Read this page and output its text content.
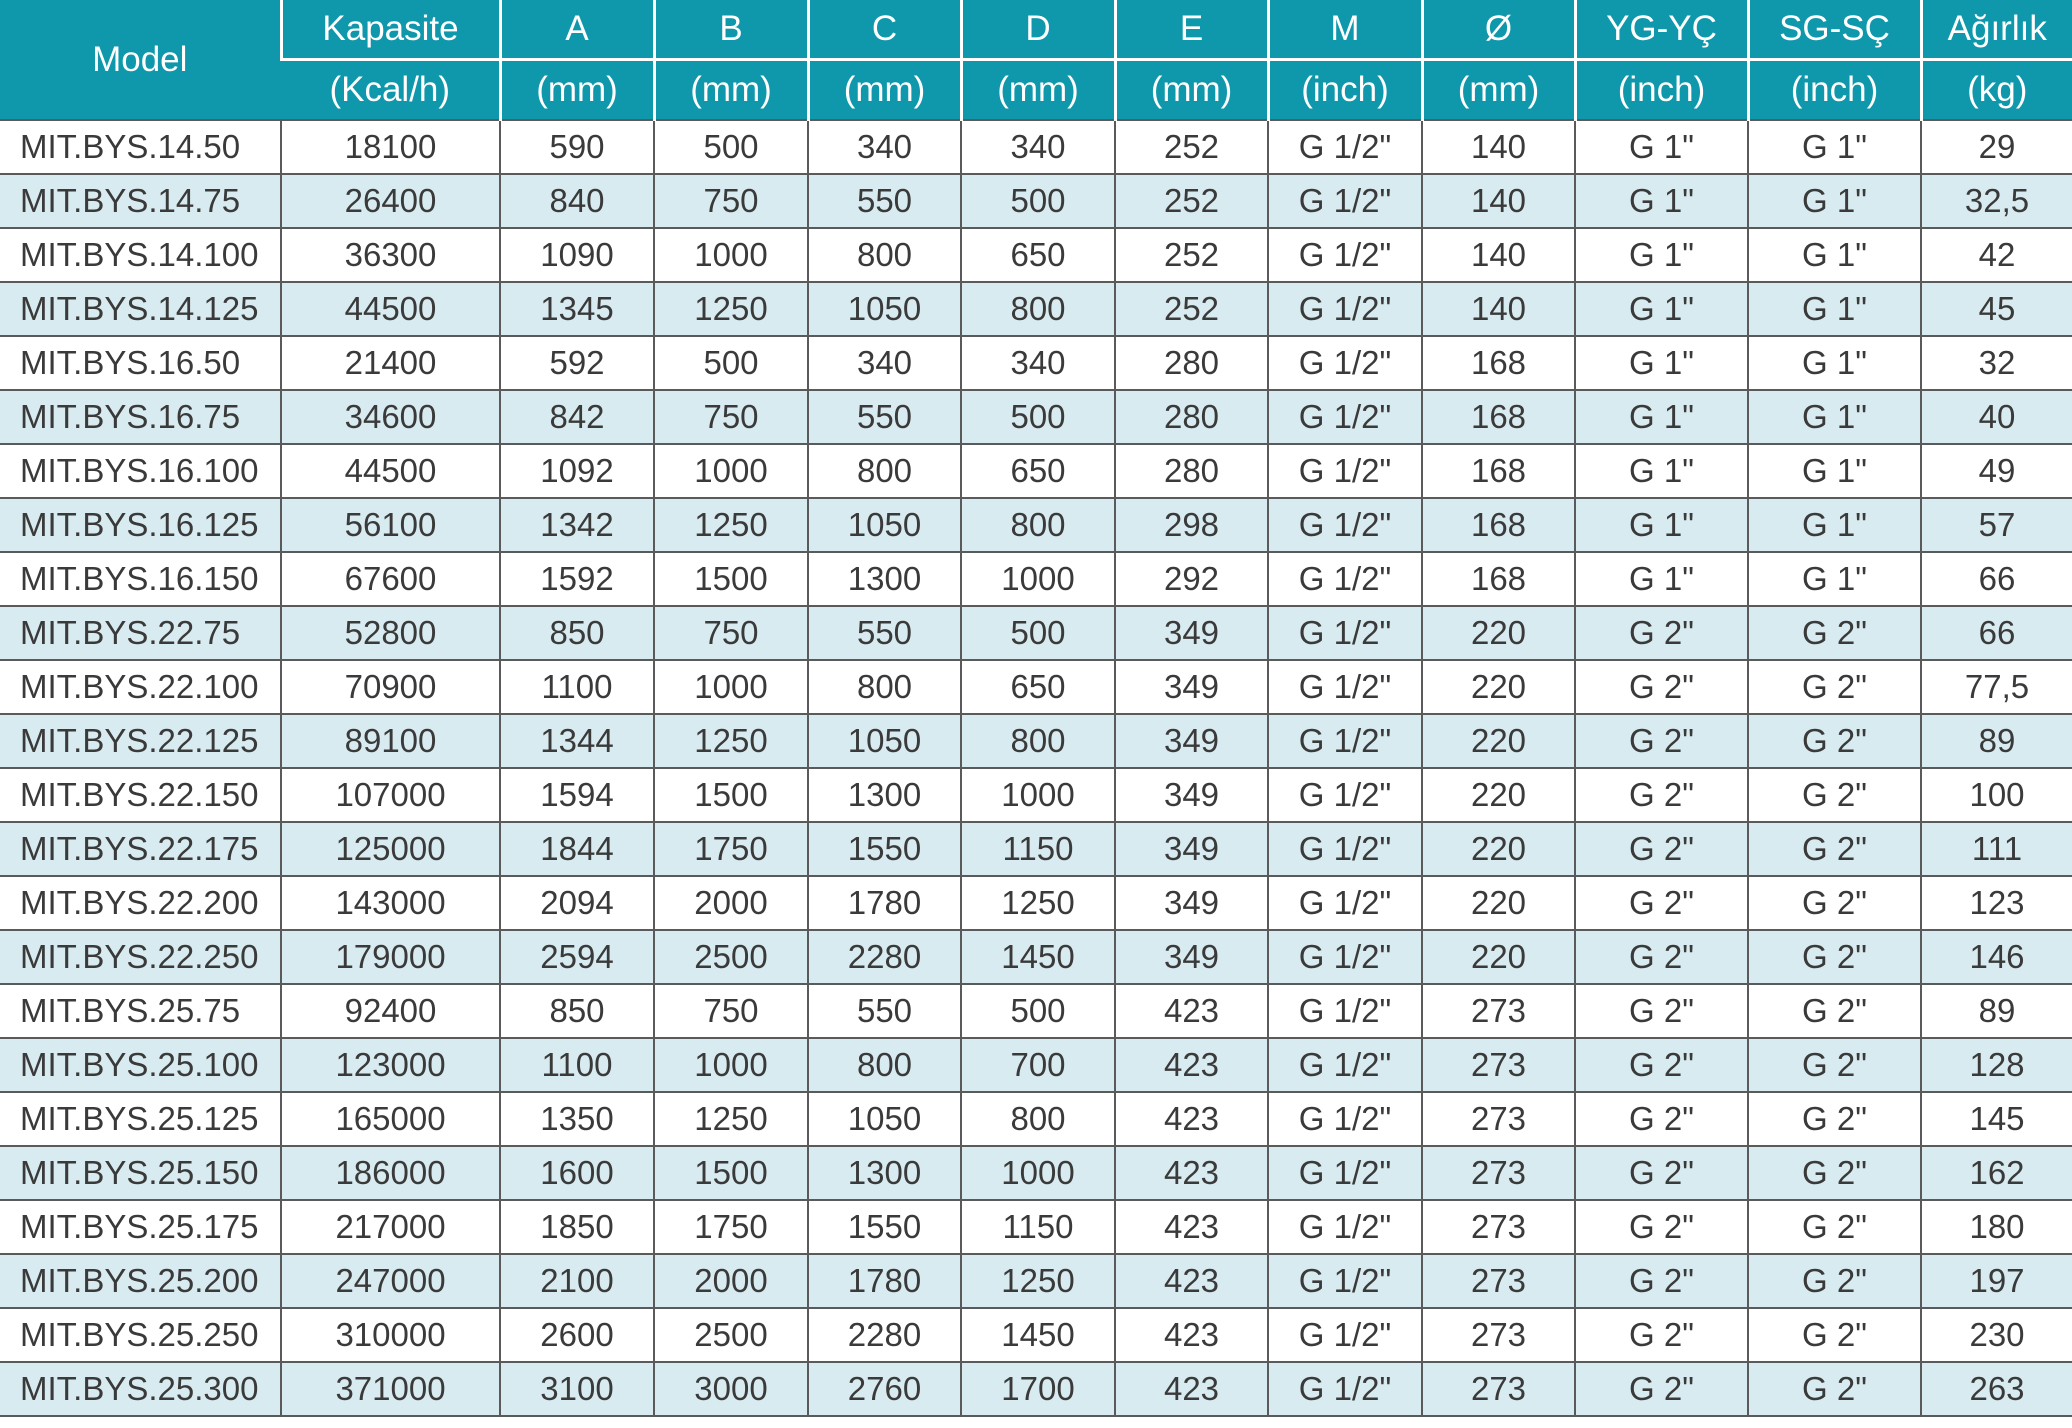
Model	Kapasite	A	B	C	D	E	M	Ø	YG-YÇ	SG-SÇ	Ağırlık
	(Kcal/h)	(mm)	(mm)	(mm)	(mm)	(mm)	(inch)	(mm)	(inch)	(inch)	(kg)
MIT.BYS.14.50	18100	590	500	340	340	252	G 1/2"	140	G 1"	G 1"	29
MIT.BYS.14.75	26400	840	750	550	500	252	G 1/2"	140	G 1"	G 1"	32,5
MIT.BYS.14.100	36300	1090	1000	800	650	252	G 1/2"	140	G 1"	G 1"	42
MIT.BYS.14.125	44500	1345	1250	1050	800	252	G 1/2"	140	G 1"	G 1"	45
MIT.BYS.16.50	21400	592	500	340	340	280	G 1/2"	168	G 1"	G 1"	32
MIT.BYS.16.75	34600	842	750	550	500	280	G 1/2"	168	G 1"	G 1"	40
MIT.BYS.16.100	44500	1092	1000	800	650	280	G 1/2"	168	G 1"	G 1"	49
MIT.BYS.16.125	56100	1342	1250	1050	800	298	G 1/2"	168	G 1"	G 1"	57
MIT.BYS.16.150	67600	1592	1500	1300	1000	292	G 1/2"	168	G 1"	G 1"	66
MIT.BYS.22.75	52800	850	750	550	500	349	G 1/2"	220	G 2"	G 2"	66
MIT.BYS.22.100	70900	1100	1000	800	650	349	G 1/2"	220	G 2"	G 2"	77,5
MIT.BYS.22.125	89100	1344	1250	1050	800	349	G 1/2"	220	G 2"	G 2"	89
MIT.BYS.22.150	107000	1594	1500	1300	1000	349	G 1/2"	220	G 2"	G 2"	100
MIT.BYS.22.175	125000	1844	1750	1550	1150	349	G 1/2"	220	G 2"	G 2"	111
MIT.BYS.22.200	143000	2094	2000	1780	1250	349	G 1/2"	220	G 2"	G 2"	123
MIT.BYS.22.250	179000	2594	2500	2280	1450	349	G 1/2"	220	G 2"	G 2"	146
MIT.BYS.25.75	92400	850	750	550	500	423	G 1/2"	273	G 2"	G 2"	89
MIT.BYS.25.100	123000	1100	1000	800	700	423	G 1/2"	273	G 2"	G 2"	128
MIT.BYS.25.125	165000	1350	1250	1050	800	423	G 1/2"	273	G 2"	G 2"	145
MIT.BYS.25.150	186000	1600	1500	1300	1000	423	G 1/2"	273	G 2"	G 2"	162
MIT.BYS.25.175	217000	1850	1750	1550	1150	423	G 1/2"	273	G 2"	G 2"	180
MIT.BYS.25.200	247000	2100	2000	1780	1250	423	G 1/2"	273	G 2"	G 2"	197
MIT.BYS.25.250	310000	2600	2500	2280	1450	423	G 1/2"	273	G 2"	G 2"	230
MIT.BYS.25.300	371000	3100	3000	2760	1700	423	G 1/2"	273	G 2"	G 2"	263
